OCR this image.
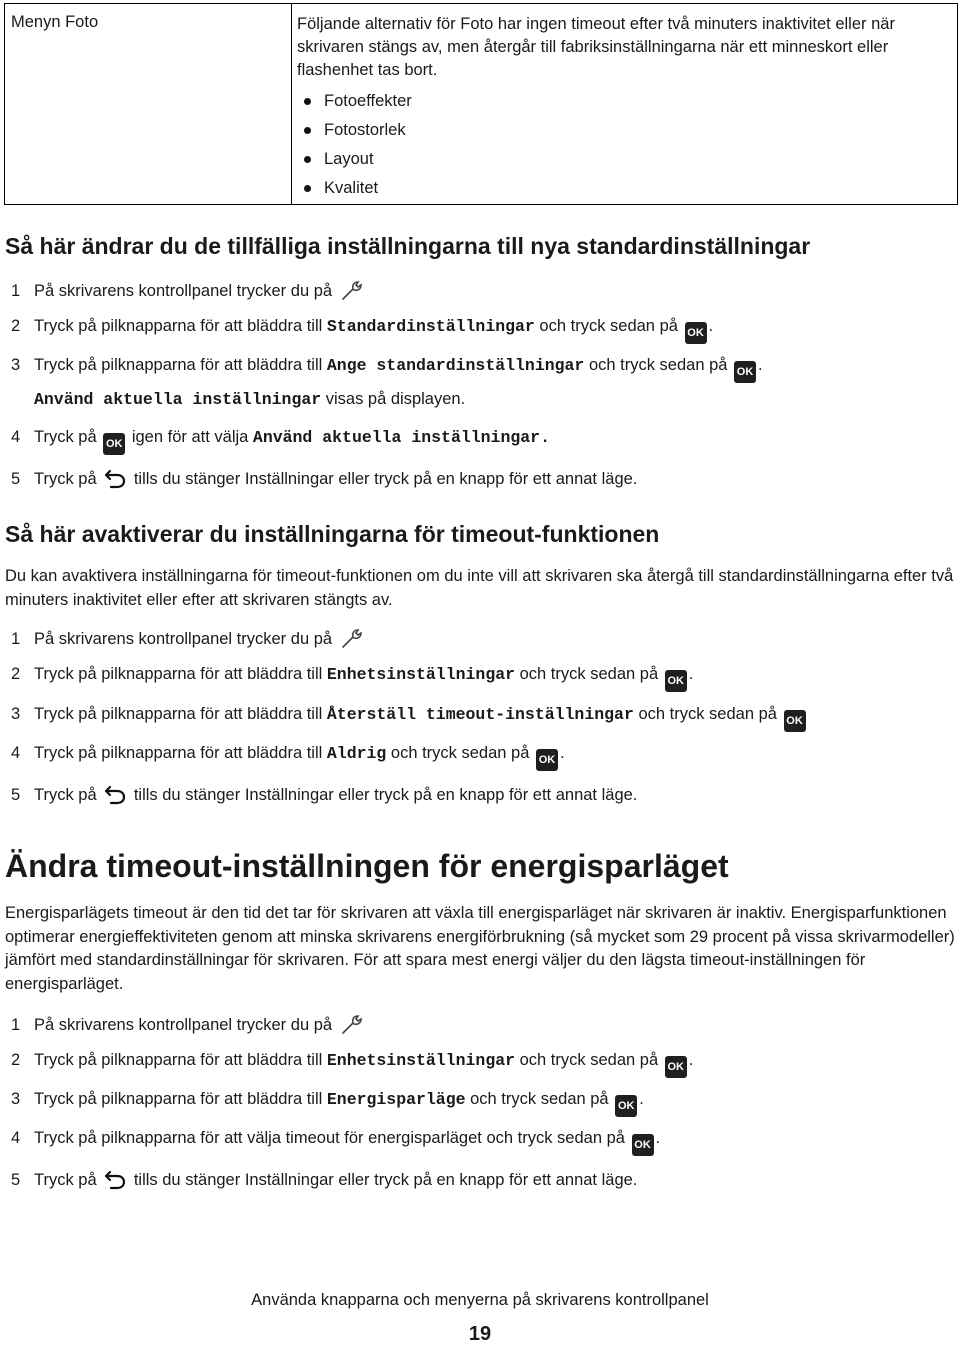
Menyn Foto	Följande alternativ för Foto har ingen timeout efter två minuters inaktivitet eller när skrivaren stängs av, men återgår till fabriksinställningarna när ett minneskort eller flashenhet tas bort.
Fotoeffekter
Fotostorlek
Layout
Kvalitet
Så här ändrar du de tillfälliga inställningarna till nya standardinställningar
1 På skrivarens kontrollpanel trycker du på
2 Tryck på pilknapparna för att bläddra till Standardinställningar och tryck sedan på OK .
3 Tryck på pilknapparna för att bläddra till Ange standardinställningar och tryck sedan på OK .
Använd aktuella inställningar visas på displayen.
4 Tryck på OK igen för att välja Använd aktuella inställningar.
5 Tryck på tills du stänger Inställningar eller tryck på en knapp för ett annat läge.
Så här avaktiverar du inställningarna för timeout-funktionen
Du kan avaktivera inställningarna för timeout-funktionen om du inte vill att skrivaren ska återgå till standardinställningarna efter två minuters inaktivitet eller efter att skrivaren stängts av.
1 På skrivarens kontrollpanel trycker du på
2 Tryck på pilknapparna för att bläddra till Enhetsinställningar och tryck sedan på OK .
3 Tryck på pilknapparna för att bläddra till Återställ timeout-inställningar och tryck sedan på OK
4 Tryck på pilknapparna för att bläddra till Aldrig och tryck sedan på OK .
5 Tryck på tills du stänger Inställningar eller tryck på en knapp för ett annat läge.
Ändra timeout-inställningen för energisparläget
Energisparlägets timeout är den tid det tar för skrivaren att växla till energisparläget när skrivaren är inaktiv. Energisparfunktionen optimerar energieffektiviteten genom att minska skrivarens energiförbrukning (så mycket som 29 procent på vissa skrivarmodeller) jämfört med standardinställningar för skrivaren. För att spara mest energi väljer du den lägsta timeout-inställningen för energisparläget.
1 På skrivarens kontrollpanel trycker du på
2 Tryck på pilknapparna för att bläddra till Enhetsinställningar och tryck sedan på OK .
3 Tryck på pilknapparna för att bläddra till Energisparläge och tryck sedan på OK .
4 Tryck på pilknapparna för att välja timeout för energisparläget och tryck sedan på OK .
5 Tryck på tills du stänger Inställningar eller tryck på en knapp för ett annat läge.
Använda knapparna och menyerna på skrivarens kontrollpanel
19
